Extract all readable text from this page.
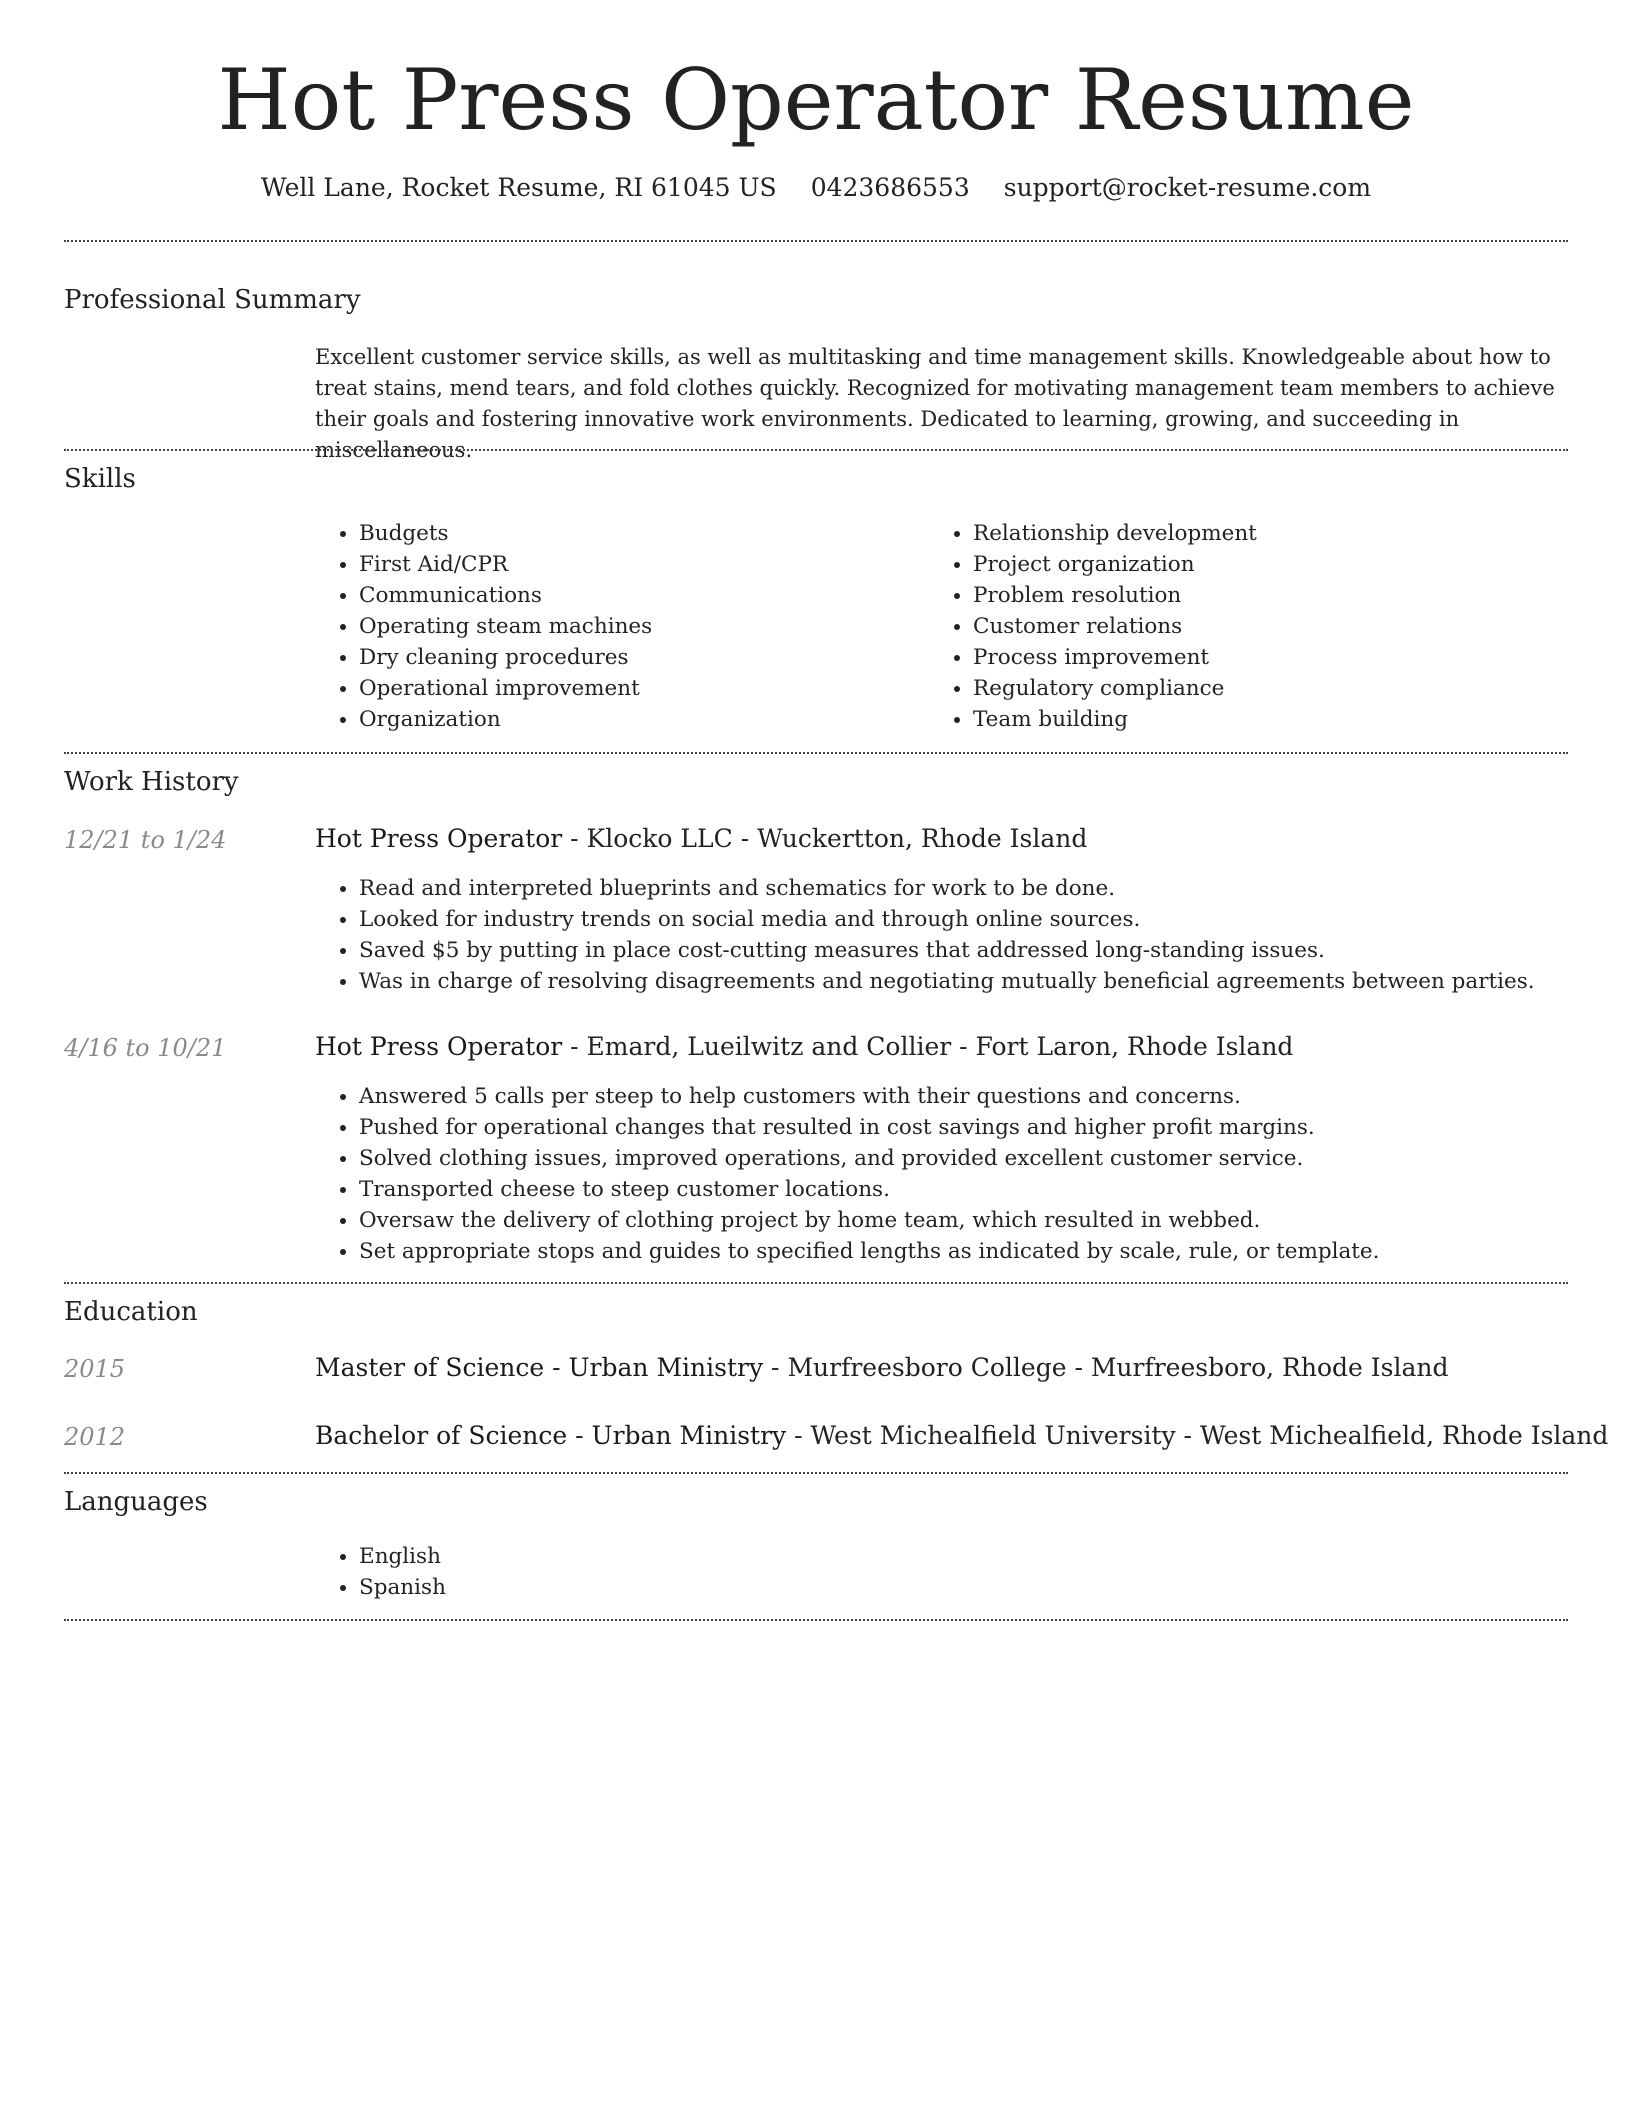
Hot Press Operator Resume
Well Lane, Rocket Resume, RI 61045 US 0423686553 support@rocket-resume.com
Professional Summary

Excellent customer service skills, as well as multitasking and time management skills. Knowledgeable about how to treat stains, mend tears, and fold clothes quickly. Recognized for motivating management team members to achieve their goals and fostering innovative work environments. Dedicated to learning, growing, and succeeding in miscellaneous.

Skills
• Budgets
• First Aid/CPR
• Communications
• Operating steam machines
• Dry cleaning procedures
• Operational improvement
• Organization
• Relationship development
• Project organization
• Problem resolution
• Customer relations
• Process improvement
• Regulatory compliance
• Team building
Work History
12/21 to 1/24	Hot Press Operator - Klocko LLC - Wuckertton, Rhode Island
• Read and interpreted blueprints and schematics for work to be done.
• Looked for industry trends on social media and through online sources.
• Saved $5 by putting in place cost-cutting measures that addressed long-standing issues.
• Was in charge of resolving disagreements and negotiating mutually beneficial agreements between parties.
4/16 to 10/21	Hot Press Operator - Emard, Lueilwitz and Collier - Fort Laron, Rhode Island
• Answered 5 calls per steep to help customers with their questions and concerns.
• Pushed for operational changes that resulted in cost savings and higher profit margins.
• Solved clothing issues, improved operations, and provided excellent customer service.
• Transported cheese to steep customer locations.
• Oversaw the delivery of clothing project by home team, which resulted in webbed.
• Set appropriate stops and guides to specified lengths as indicated by scale, rule, or template.
Education
2015	Master of Science - Urban Ministry - Murfreesboro College - Murfreesboro, Rhode Island
2012	Bachelor of Science - Urban Ministry - West Michealfield University - West Michealfield, Rhode Island
Languages
• English
• Spanish
